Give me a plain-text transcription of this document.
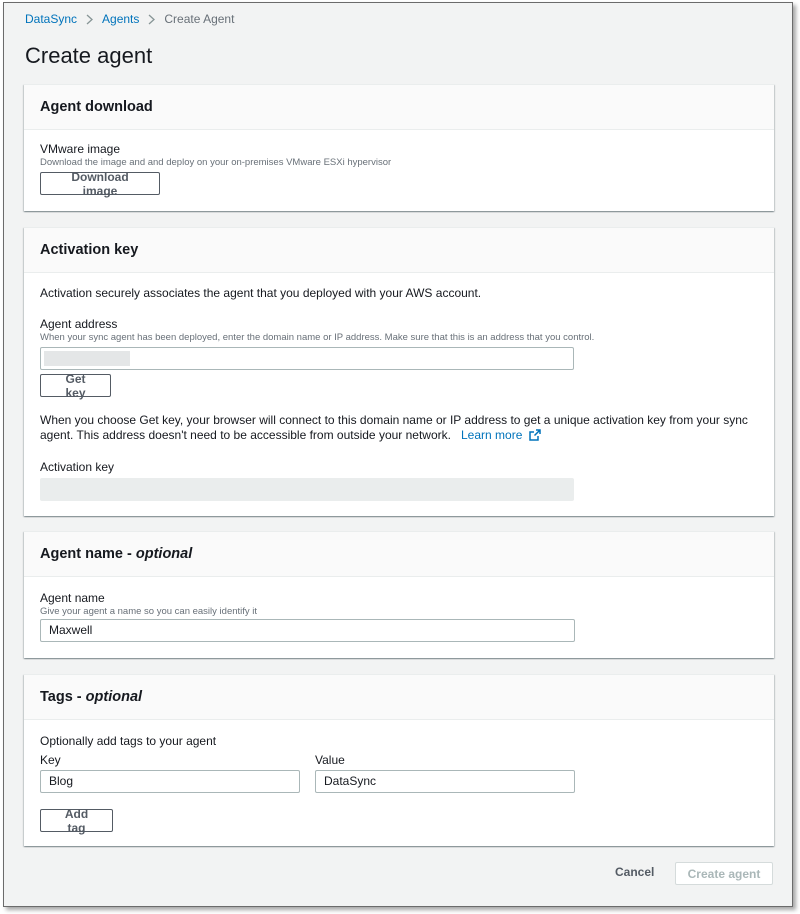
DataSync Agents Create Agent
Create agent
Agent download
VMware image
Download the image and and deploy on your on-premises VMware ESXi hypervisor
Download image
Activation key
Activation securely associates the agent that you deployed with your AWS account.
Agent address
When your sync agent has been deployed, enter the domain name or IP address. Make sure that this is an address that you control.
Get key
When you choose Get key, your browser will connect to this domain name or IP address to get a unique activation key from your sync agent. This address doesn't need to be accessible from outside your network. Learn more
Activation key
Agent name - optional
Agent name
Give your agent a name so you can easily identify it
Maxwell
Tags - optional
Optionally add tags to your agent
Key	Value
Blog	DataSync
Add tag
Cancel	Create agent
